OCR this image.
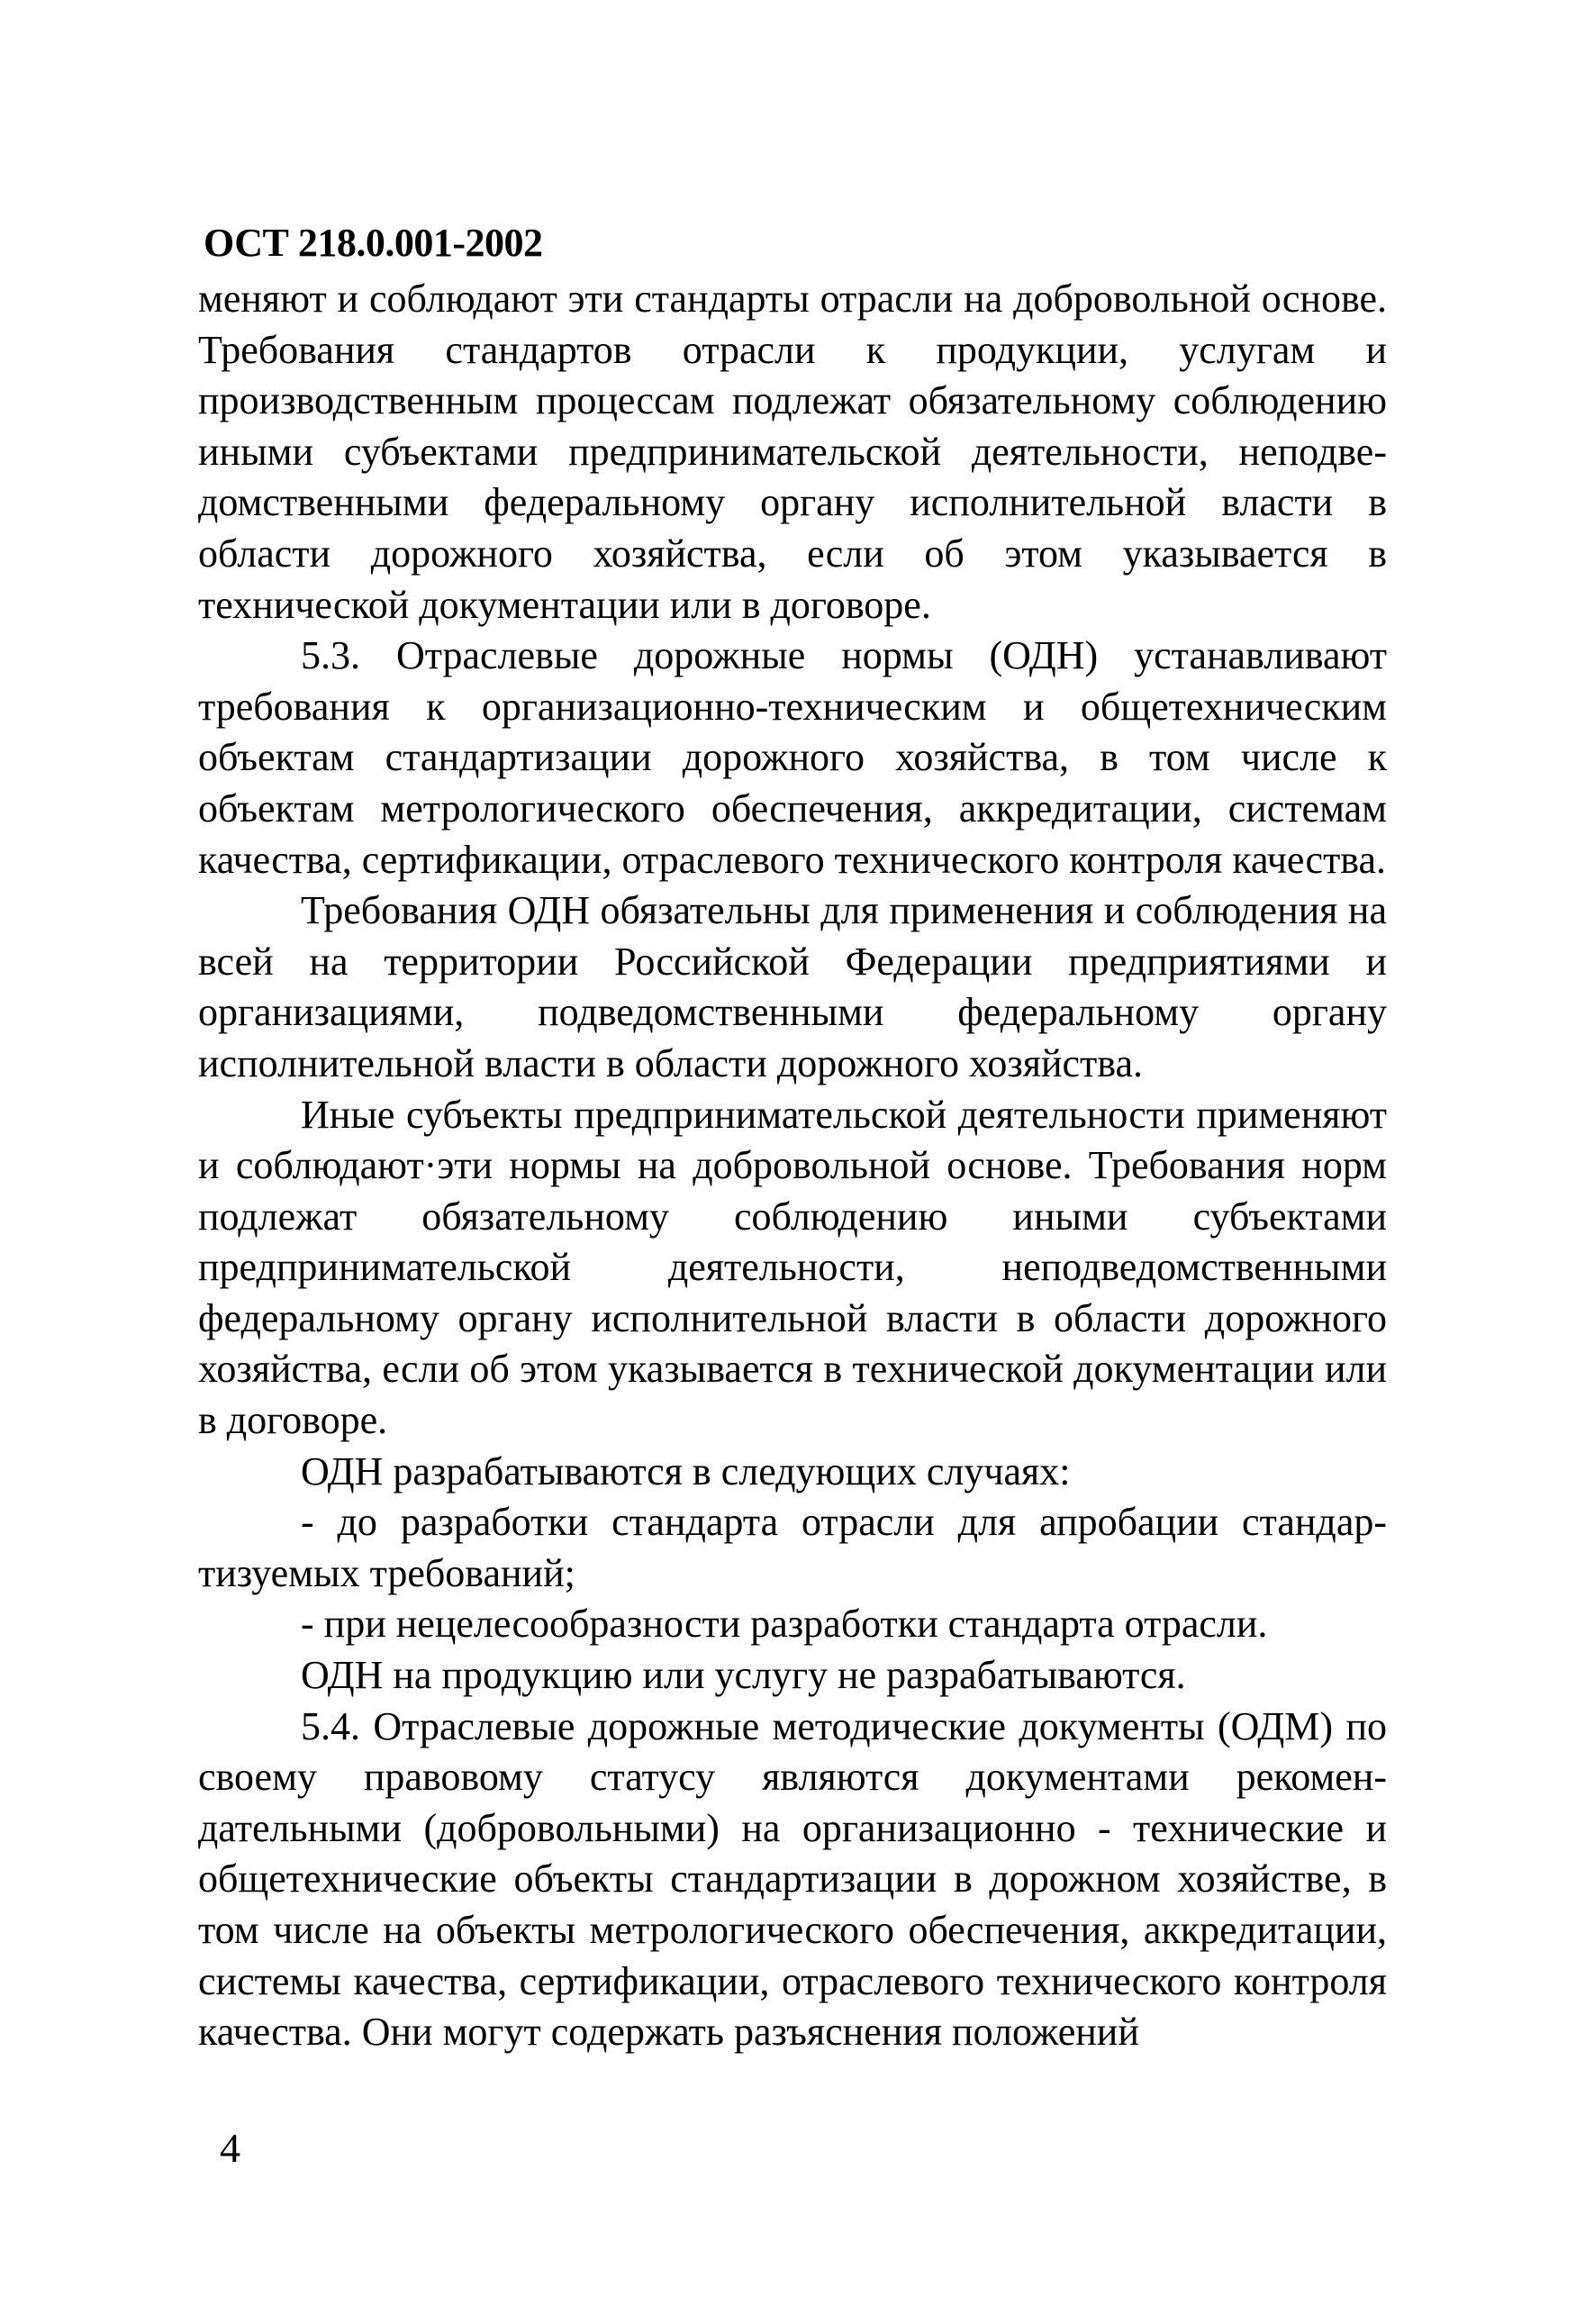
ОСТ 218.0.001-2002

меняют и соблюдают эти стандарты отрасли на добровольной основе. Требования стандартов отрасли к продукции, услугам и производственным процессам подлежат обязательному соблюдению иными субъектами предпринимательской деятельности, неподведомственными федеральному органу исполнительной власти в области дорожного хозяйства, если об этом указывается в технической документации или в договоре.

5.3. Отраслевые дорожные нормы (ОДН) устанавливают требования к организационно-техническим и общетехническим объектам стандартизации дорожного хозяйства, в том числе к объектам метрологического обеспечения, аккредитации, системам качества, сертификации, отраслевого технического контроля качества.

Требования ОДН обязательны для применения и соблюдения на всей на территории Российской Федерации предприятиями и организациями, подведомственными федеральному органу исполнительной власти в области дорожного хозяйства.

Иные субъекты предпринимательской деятельности применяют и соблюдают·эти нормы на добровольной основе. Требования норм подлежат обязательному соблюдению иными субъектами предпринимательской деятельности, неподведомственными федеральному органу исполнительной власти в области дорожного хозяйства, если об этом указывается в технической документации или в договоре.

ОДН разрабатываются в следующих случаях:

- до разработки стандарта отрасли для апробации стандартизуемых требований;

- при нецелесообразности разработки стандарта отрасли.

ОДН на продукцию или услугу не разрабатываются.

5.4. Отраслевые дорожные методические документы (ОДМ) по своему правовому статусу являются документами рекомендательными (добровольными) на организационно - технические и общетехнические объекты стандартизации в дорожном хозяйстве, в том числе на объекты метрологического обеспечения, аккредитации, системы качества, сертификации, отраслевого технического контроля качества. Они могут содержать разъяснения положений

4
